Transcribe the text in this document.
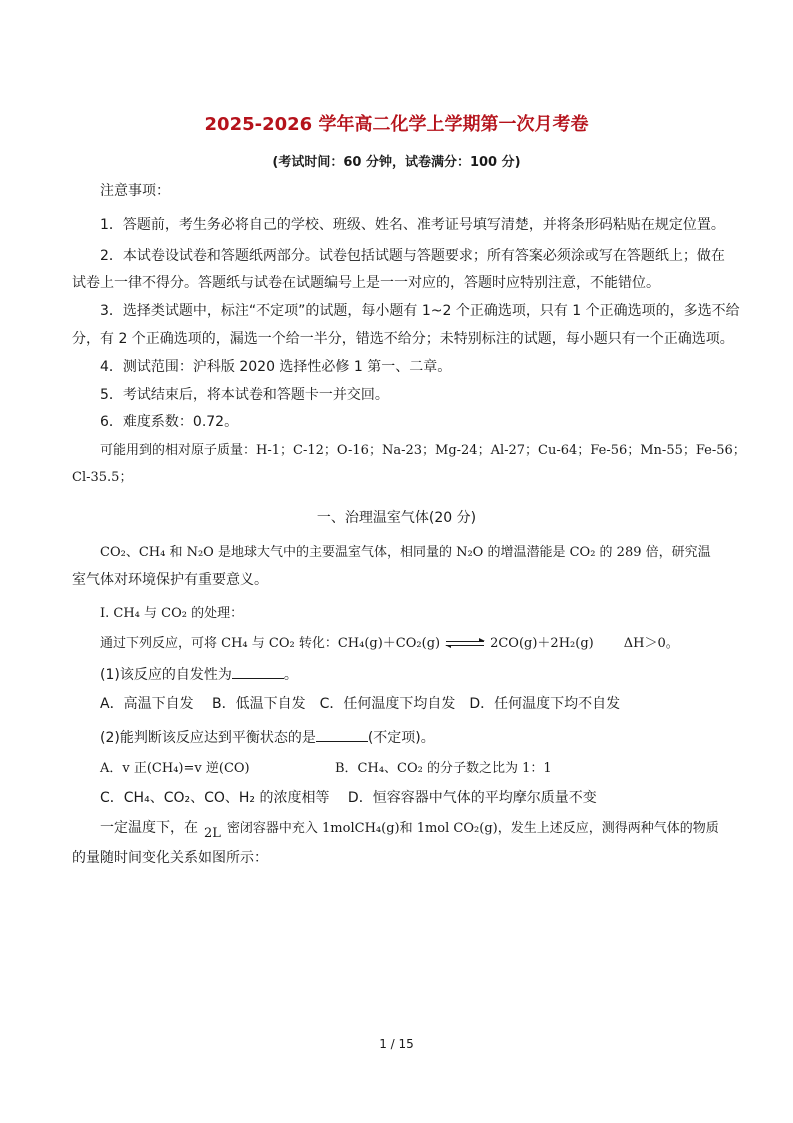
2025-2026 学年高二化学上学期第一次月考卷
(考试时间：60 分钟，试卷满分：100 分)
注意事项：
1．答题前，考生务必将自己的学校、班级、姓名、准考证号填写清楚，并将条形码粘贴在规定位置。
2．本试卷设试卷和答题纸两部分。试卷包括试题与答题要求；所有答案必须涂或写在答题纸上；做在
试卷上一律不得分。答题纸与试卷在试题编号上是一一对应的，答题时应特别注意，不能错位。
3．选择类试题中，标注“不定项”的试题，每小题有 1~2 个正确选项，只有 1 个正确选项的，多选不给
分，有 2 个正确选项的，漏选一个给一半分，错选不给分；未特别标注的试题，每小题只有一个正确选项。
4．测试范围：沪科版 2020 选择性必修 1 第一、二章。
5．考试结束后，将本试卷和答题卡一并交回。
6．难度系数：0.72。
可能用到的相对原子质量：H-1；C-12；O-16；Na-23；Mg-24；Al-27；Cu-64；Fe-56；Mn-55；Fe-56；
Cl-35.5；
一、治理温室气体(20 分)
CO₂、CH₄ 和 N₂O 是地球大气中的主要温室气体，相同量的 N₂O 的增温潜能是 CO₂ 的 289 倍，研究温
室气体对环境保护有重要意义。
I. CH₄ 与 CO₂ 的处理：
通过下列反应，可将 CH₄ 与 CO₂ 转化：CH₄(g)＋CO₂(g)	2CO(g)＋2H₂(g) ΔH＞0。
(1)该反应的自发性为	。
A．高温下自发　 B．低温下自发　C．任何温度下均自发　D．任何温度下均不自发
(2)能判断该反应达到平衡状态的是	(不定项)。
A．v 正(CH₄)=v 逆(CO)	B．CH₄、CO₂ 的分子数之比为 1：1
C．CH₄、CO₂、CO、H₂ 的浓度相等　 D．恒容容器中气体的平均摩尔质量不变
一定温度下，在 2L 密闭容器中充入 1molCH₄(g)和 1mol CO₂(g)，发生上述反应，测得两种气体的物质
的量随时间变化关系如图所示：
1 / 15
